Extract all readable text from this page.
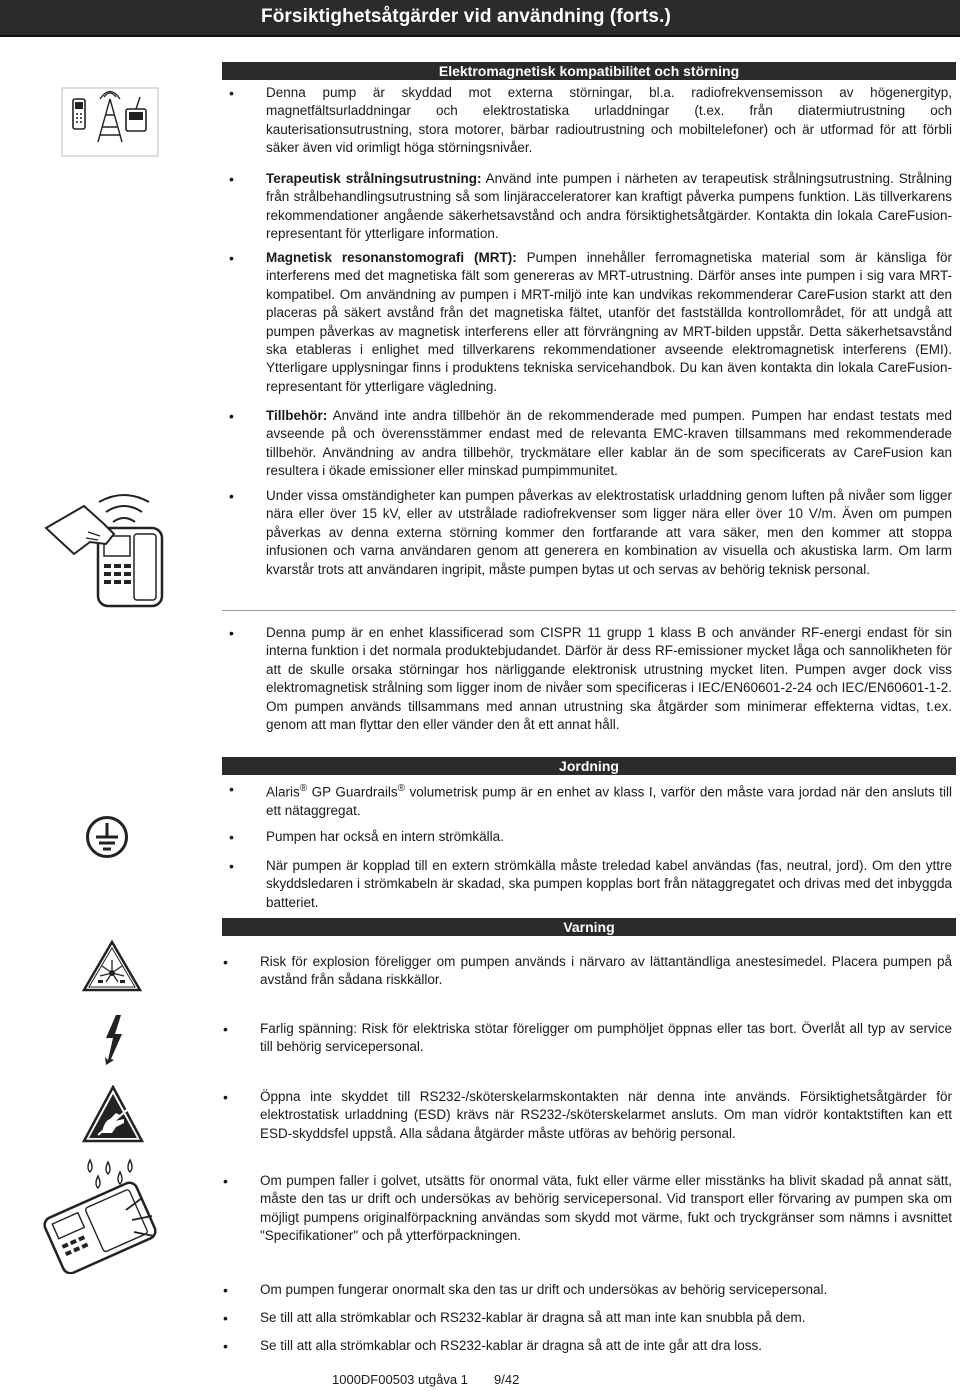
Försiktighetsåtgärder vid användning (forts.)
Elektromagnetisk kompatibilitet och störning
• Denna pump är skyddad mot externa störningar, bl.a. radiofrekvensemisson av högenergityp, magnetfältsurladdningar och elektrostatiska urladdningar (t.ex. från diatermiutrustning och kauterisationsutrustning, stora motorer, bärbar radioutrustning och mobiltelefoner) och är utformad för att förbli säker även vid orimligt höga störningsnivåer.
• Terapeutisk strålningsutrustning: Använd inte pumpen i närheten av terapeutisk strålningsutrustning. Strålning från strålbehandlingsutrustning så som linjäracceleratorer kan kraftigt påverka pumpens funktion. Läs tillverkarens rekommendationer angående säkerhetsavstånd och andra försiktighetsåtgärder. Kontakta din lokala CareFusion-representant för ytterligare information.
• Magnetisk resonanstomografi (MRT): Pumpen innehåller ferromagnetiska material som är känsliga för interferens med det magnetiska fält som genereras av MRT-utrustning. Därför anses inte pumpen i sig vara MRT-kompatibel. Om användning av pumpen i MRT-miljö inte kan undvikas rekommenderar CareFusion starkt att den placeras på säkert avstånd från det magnetiska fältet, utanför det fastställda kontrollområdet, för att undgå att pumpen påverkas av magnetisk interferens eller att förvrängning av MRT-bilden uppstår. Detta säkerhetsavstånd ska etableras i enlighet med tillverkarens rekommendationer avseende elektromagnetisk interferens (EMI). Ytterligare upplysningar finns i produktens tekniska servicehandbok. Du kan även kontakta din lokala CareFusion-representant för ytterligare vägledning.
• Tillbehör: Använd inte andra tillbehör än de rekommenderade med pumpen. Pumpen har endast testats med avseende på och överensstämmer endast med de relevanta EMC-kraven tillsammans med rekommenderade tillbehör. Användning av andra tillbehör, tryckmätare eller kablar än de som specificerats av CareFusion kan resultera i ökade emissioner eller minskad pumpimmunitet.
• Under vissa omständigheter kan pumpen påverkas av elektrostatisk urladdning genom luften på nivåer som ligger nära eller över 15 kV, eller av utstrålade radiofrekvenser som ligger nära eller över 10 V/m. Även om pumpen påverkas av denna externa störning kommer den fortfarande att vara säker, men den kommer att stoppa infusionen och varna användaren genom att generera en kombination av visuella och akustiska larm. Om larm kvarstår trots att användaren ingripit, måste pumpen bytas ut och servas av behörig teknisk personal.
• Denna pump är en enhet klassificerad som CISPR 11 grupp 1 klass B och använder RF-energi endast för sin interna funktion i det normala produktebjudandet. Därför är dess RF-emissioner mycket låga och sannolikheten för att de skulle orsaka störningar hos närliggande elektronisk utrustning mycket liten. Pumpen avger dock viss elektromagnetisk strålning som ligger inom de nivåer som specificeras i IEC/EN60601-2-24 och IEC/EN60601-1-2. Om pumpen används tillsammans med annan utrustning ska åtgärder som minimerar effekterna vidtas, t.ex. genom att man flyttar den eller vänder den åt ett annat håll.
Jordning
• Alaris® GP Guardrails® volumetrisk pump är en enhet av klass I, varför den måste vara jordad när den ansluts till ett nätaggregat.
• Pumpen har också en intern strömkälla.
• När pumpen är kopplad till en extern strömkälla måste treledad kabel användas (fas, neutral, jord). Om den yttre skyddsledaren i strömkabeln är skadad, ska pumpen kopplas bort från nätaggregatet och drivas med det inbyggda batteriet.
Varning
• Risk för explosion föreligger om pumpen används i närvaro av lättantändliga anestesimedel. Placera pumpen på avstånd från sådana riskkällor.
• Farlig spänning: Risk för elektriska stötar föreligger om pumphöljet öppnas eller tas bort. Överlåt all typ av service till behörig servicepersonal.
• Öppna inte skyddet till RS232-/sköterskelarmskontakten när denna inte används. Försiktighetsåtgärder för elektrostatisk urladdning (ESD) krävs när RS232-/sköterskelarmet ansluts. Om man vidrör kontaktstiften kan ett ESD-skyddsfel uppstå. Alla sådana åtgärder måste utföras av behörig personal.
• Om pumpen faller i golvet, utsätts för onormal väta, fukt eller värme eller misstänks ha blivit skadad på annat sätt, måste den tas ur drift och undersökas av behörig servicepersonal. Vid transport eller förvaring av pumpen ska om möjligt pumpens originalförpackning användas som skydd mot värme, fukt och tryckgränser som nämns i avsnittet "Specifikationer" och på ytterförpackningen.
• Om pumpen fungerar onormalt ska den tas ur drift och undersökas av behörig servicepersonal.
• Se till att alla strömkablar och RS232-kablar är dragna så att man inte kan snubbla på dem.
• Se till att alla strömkablar och RS232-kablar är dragna så att de inte går att dra loss.
1000DF00503 utgåva 1 9/42
